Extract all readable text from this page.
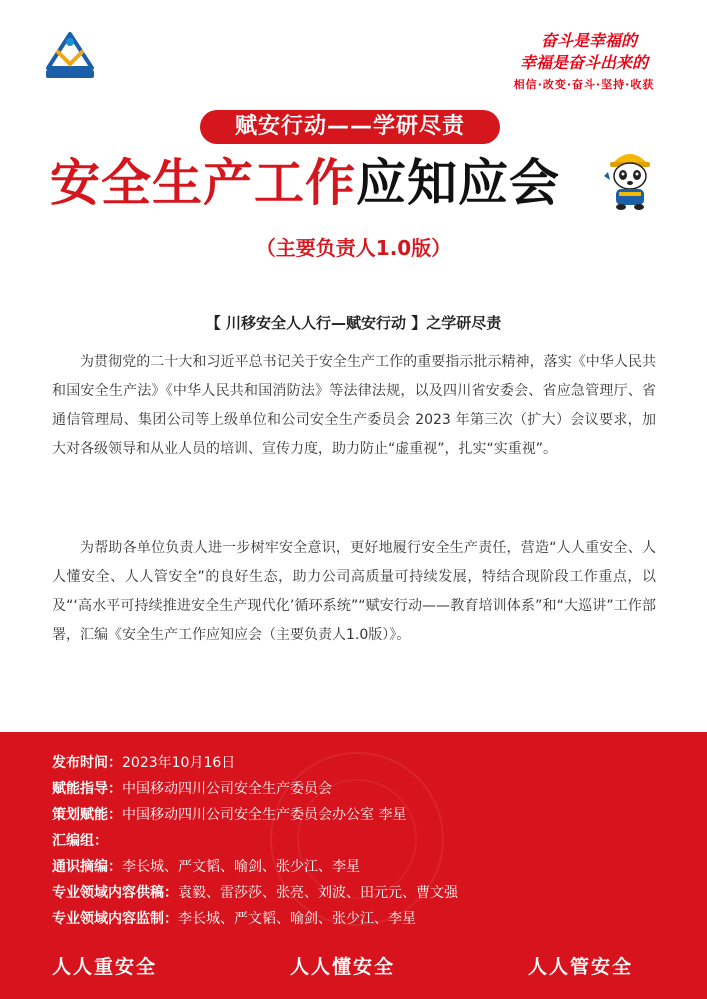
川移安全人人行
奋斗是幸福的
幸福是奋斗出来的
相信·改变·奋斗·坚持·收获
赋安行动——学研尽责
安全生产工作应知应会
（主要负责人1.0版）
【 川移安全人人行—赋安行动 】之学研尽责

为贯彻党的二十大和习近平总书记关于安全生产工作的重要指示批示精神，落实《中华人民共和国安全生产法》《中华人民共和国消防法》等法律法规，以及四川省安委会、省应急管理厅、省通信管理局、集团公司等上级单位和公司安全生产委员会 2023 年第三次（扩大）会议要求，加大对各级领导和从业人员的培训、宣传力度，助力防止“虚重视”，扎实“实重视”。

为帮助各单位负责人进一步树牢安全意识，更好地履行安全生产责任，营造“人人重安全、人人懂安全、人人管安全”的良好生态，助力公司高质量可持续发展，特结合现阶段工作重点，以及“‘高水平可持续推进安全生产现代化’循环系统”“赋安行动——教育培训体系”和“大巡讲”工作部署，汇编《安全生产工作应知应会（主要负责人1.0版）》。

发布时间：2023年10月16日
赋能指导：中国移动四川公司安全生产委员会
策划赋能：中国移动四川公司安全生产委员会办公室 李星
汇编组：
通识摘编：李长城、严文韬、喻剑、张少江、李星
专业领域内容供稿：袁毅、雷莎莎、张亮、刘波、田元元、曹文强
专业领域内容监制：李长城、严文韬、喻剑、张少江、李星
人人重安全	人人懂安全	人人管安全
